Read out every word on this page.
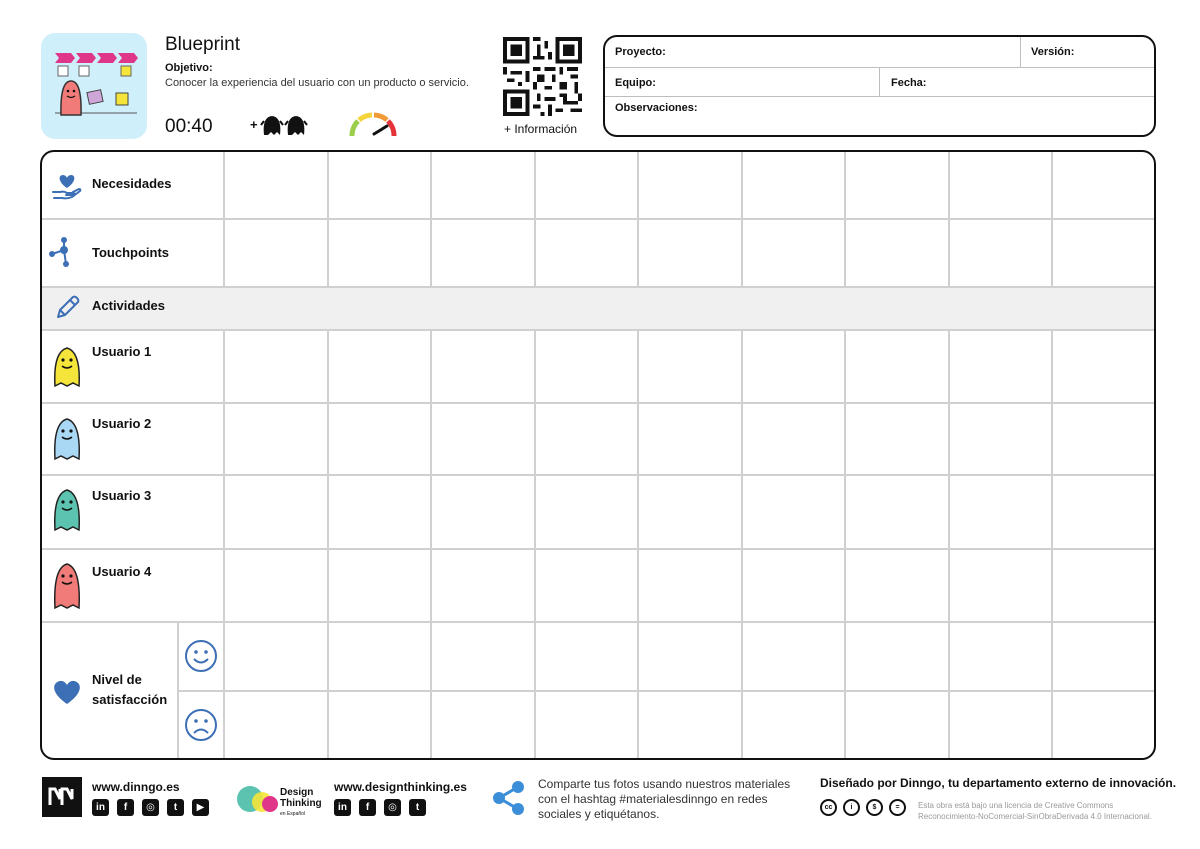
Blueprint
Objetivo:
Conocer la experiencia del usuario con un producto o servicio.
00:40	+	+ Información
Proyecto:	Versión:
Equipo:	Fecha:
Observaciones:
Necesidades
Touchpoints
Actividades
Usuario 1
Usuario 2
Usuario 3
Usuario 4
Nivel de
satisfacción
www.dinngo.es
in	f	◎	t	▶
Design
Thinking
en Español
www.designthinking.es
in	f	◎	t
Comparte tus fotos usando nuestros materiales
con el hashtag #materialesdinngo en redes
sociales y etiquétanos.
Diseñado por Dinngo, tu departamento externo de innovación.
cc	i	$	=	Esta obra está bajo una licencia de Creative Commons
Reconocimiento-NoComercial-SinObraDerivada 4.0 Internacional.
